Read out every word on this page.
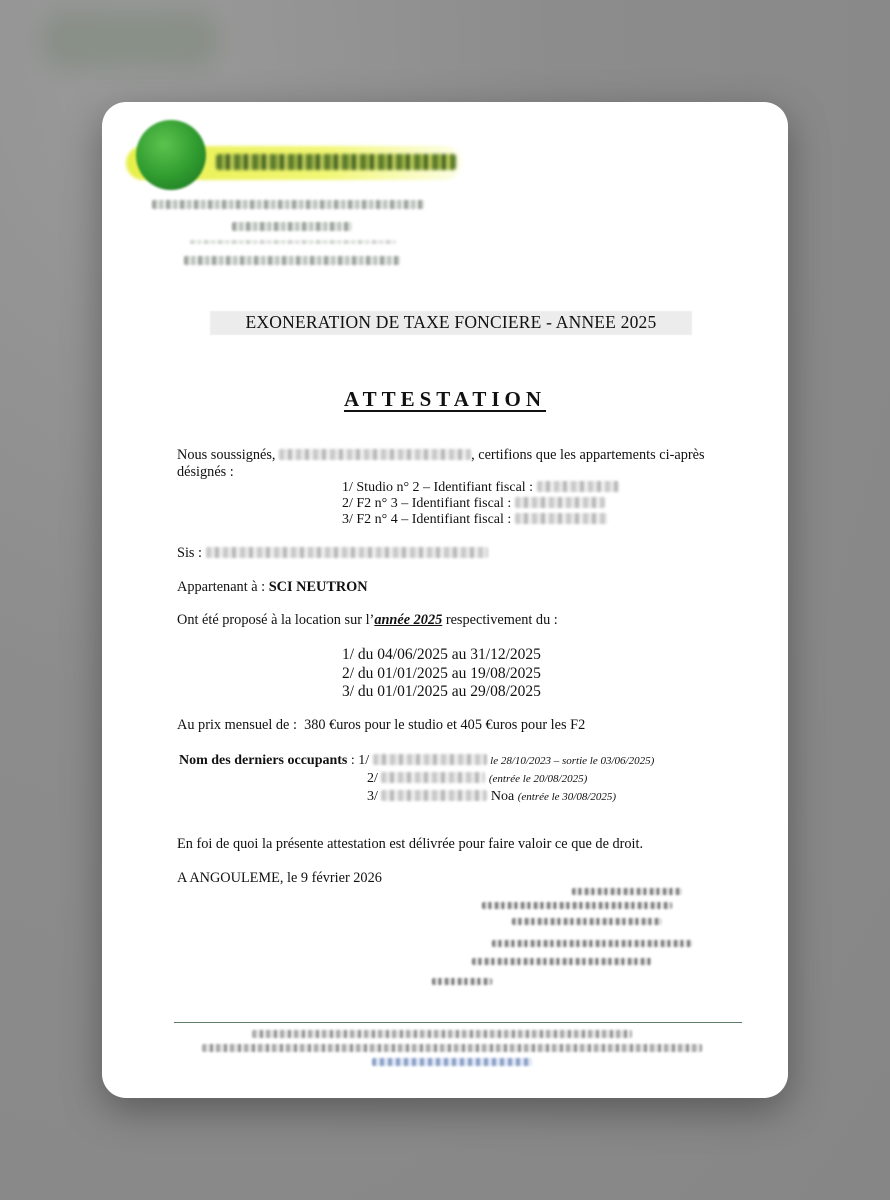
EXONERATION DE TAXE FONCIERE - ANNEE 2025
ATTESTATION
Nous soussignés,	, certifions que les appartements ci-après
désignés :
1/ Studio n° 2 – Identifiant fiscal :
2/ F2 n° 3 – Identifiant fiscal :
3/ F2 n° 4 – Identifiant fiscal :
Sis :
Appartenant à : SCI NEUTRON
Ont été proposé à la location sur l’année 2025 respectivement du :
1/ du 04/06/2025 au 31/12/2025
2/ du 01/01/2025 au 19/08/2025
3/ du 01/01/2025 au 29/08/2025
Au prix mensuel de : 380 €uros pour le studio et 405 €uros pour les F2
Nom des derniers occupants : 1/	le 28/10/2023 – sortie le 03/06/2025)
2/	(entrée le 20/08/2025)
3/	Noa (entrée le 30/08/2025)
En foi de quoi la présente attestation est délivrée pour faire valoir ce que de droit.
A ANGOULEME, le 9 février 2026
